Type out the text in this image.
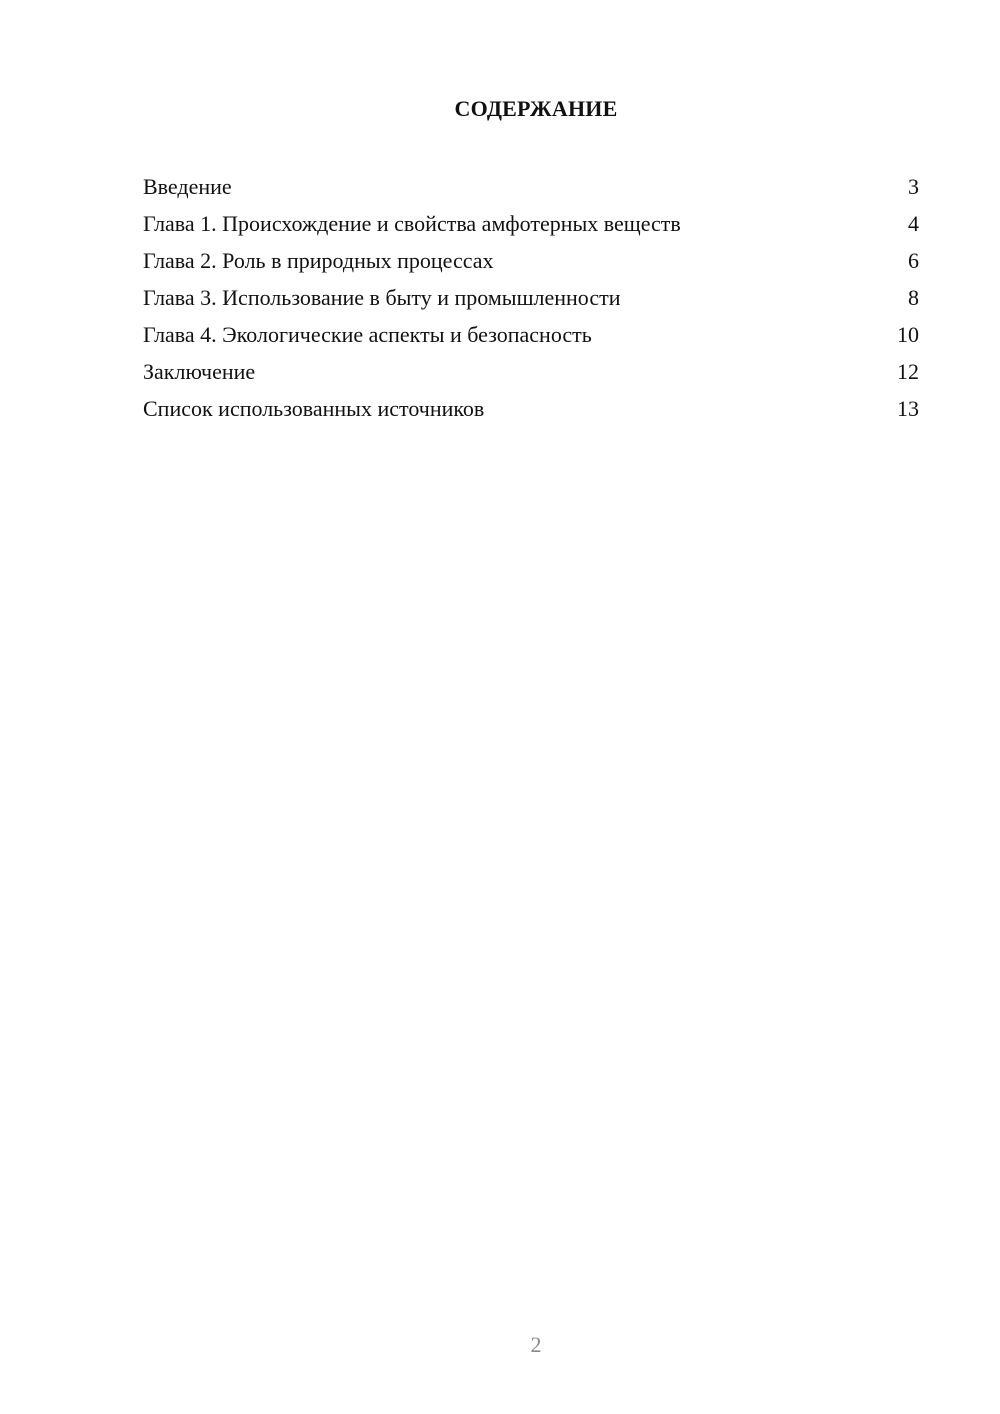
СОДЕРЖАНИЕ
Введение	3
Глава 1. Происхождение и свойства амфотерных веществ	4
Глава 2. Роль в природных процессах	6
Глава 3. Использование в быту и промышленности	8
Глава 4. Экологические аспекты и безопасность	10
Заключение	12
Список использованных источников	13
2
